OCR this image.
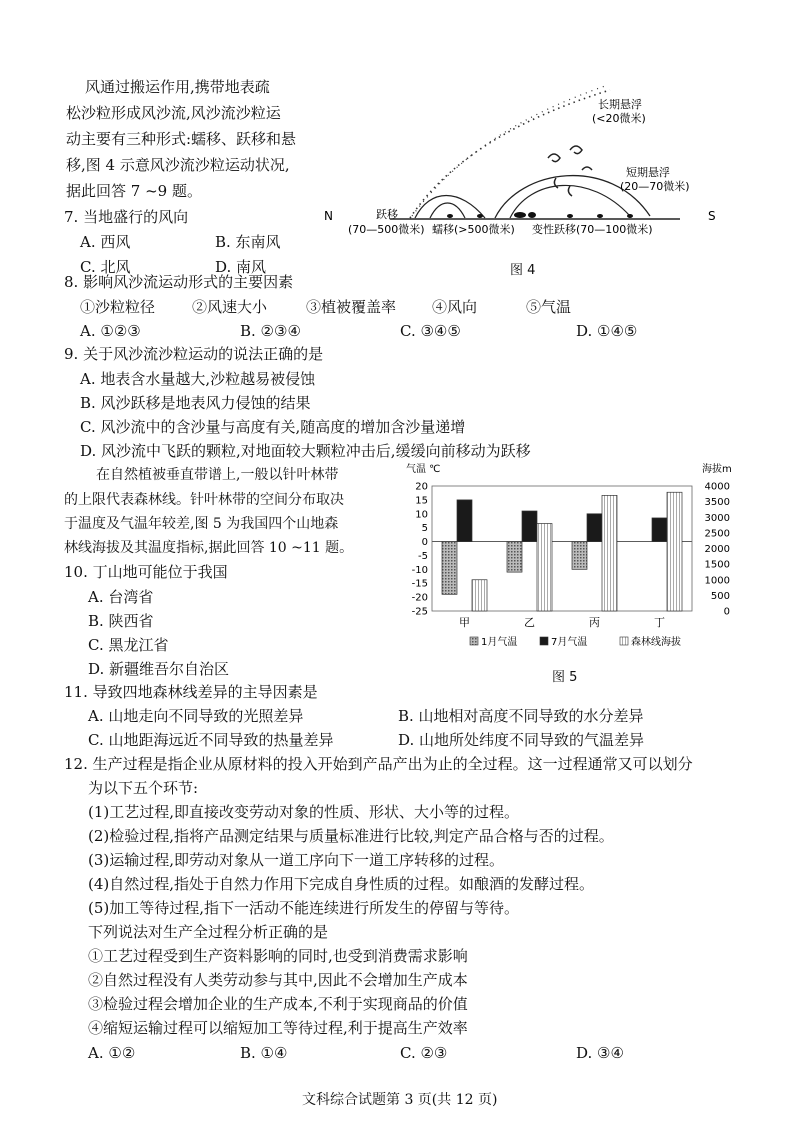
风通过搬运作用,携带地表疏
松沙粒形成风沙流,风沙流沙粒运
动主要有三种形式:蠕移、跃移和悬
移,图 4 示意风沙流沙粒运动状况,
据此回答 7 ~9 题。
7. 当地盛行的风向
A. 西风	B. 东南风
C. 北风	D. 南风
N	S
长期悬浮
(<20微米)
短期悬浮
(20—70微米)
跃移
(70—500微米) 蠕移(>500微米) 变性跃移(70—100微米)
图 4
8. 影响风沙流运动形式的主要因素
①沙粒粒径 ②风速大小	③植被覆盖率 ④风向	⑤气温
A. ①②③	B. ②③④	C. ③④⑤	D. ①④⑤
9. 关于风沙流沙粒运动的说法正确的是
A. 地表含水量越大,沙粒越易被侵蚀
B. 风沙跃移是地表风力侵蚀的结果
C. 风沙流中的含沙量与高度有关,随高度的增加含沙量递增
D. 风沙流中飞跃的颗粒,对地面较大颗粒冲击后,缓缓向前移动为跃移
在自然植被垂直带谱上,一般以针叶林带
的上限代表森林线。针叶林带的空间分布取决
于温度及气温年较差,图 5 为我国四个山地森
林线海拔及其温度指标,据此回答 10 ~11 题。
10. 丁山地可能位于我国
A. 台湾省
B. 陕西省
C. 黑龙江省
D. 新疆维吾尔自治区
气温 ℃	海拔m
20
15
10
5
0
-5
-10
-15
-20
-25
4000
3500
3000
2500
2000
1500
1000
500
0
甲	乙	丙	丁
1月气温	7月气温	森林线海拔
图 5
11. 导致四地森林线差异的主导因素是
A. 山地走向不同导致的光照差异	B. 山地相对高度不同导致的水分差异
C. 山地距海远近不同导致的热量差异	D. 山地所处纬度不同导致的气温差异
12. 生产过程是指企业从原材料的投入开始到产品产出为止的全过程。这一过程通常又可以划分
为以下五个环节:
(1)工艺过程,即直接改变劳动对象的性质、形状、大小等的过程。
(2)检验过程,指将产品测定结果与质量标准进行比较,判定产品合格与否的过程。
(3)运输过程,即劳动对象从一道工序向下一道工序转移的过程。
(4)自然过程,指处于自然力作用下完成自身性质的过程。如酿酒的发酵过程。
(5)加工等待过程,指下一活动不能连续进行所发生的停留与等待。
下列说法对生产全过程分析正确的是
①工艺过程受到生产资料影响的同时,也受到消费需求影响
②自然过程没有人类劳动参与其中,因此不会增加生产成本
③检验过程会增加企业的生产成本,不利于实现商品的价值
④缩短运输过程可以缩短加工等待过程,利于提高生产效率
A. ①②	B. ①④	C. ②③	D. ③④
文科综合试题第 3 页(共 12 页)
